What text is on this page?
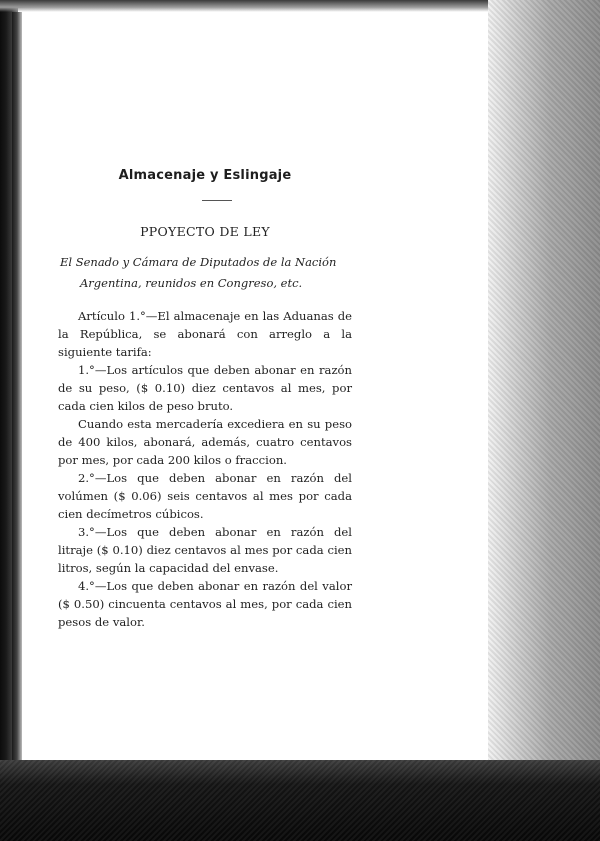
Almacenaje y Eslingaje
PPOYECTO DE LEY

El Senado y Cámara de Diputados de la Nación

Argentina, reunidos en Congreso, etc.

Artículo 1.°—El almacenaje en las Aduanas de la República, se abonará con arreglo a la siguiente tarifa:

1.°—Los artículos que deben abonar en razón de su peso, ($ 0.10) diez centavos al mes, por cada cien kilos de peso bruto.

Cuando esta mercadería excediera en su peso de 400 kilos, abonará, además, cuatro centavos por mes, por cada 200 kilos o fraccion.

2.°—Los que deben abonar en razón del volúmen ($ 0.06) seis centavos al mes por cada cien decímetros cúbicos.

3.°—Los que deben abonar en razón del litraje ($ 0.10) diez centavos al mes por cada cien litros, según la capacidad del envase.

4.°—Los que deben abonar en razón del valor ($ 0.50) cincuenta centavos al mes, por cada cien pesos de valor.
